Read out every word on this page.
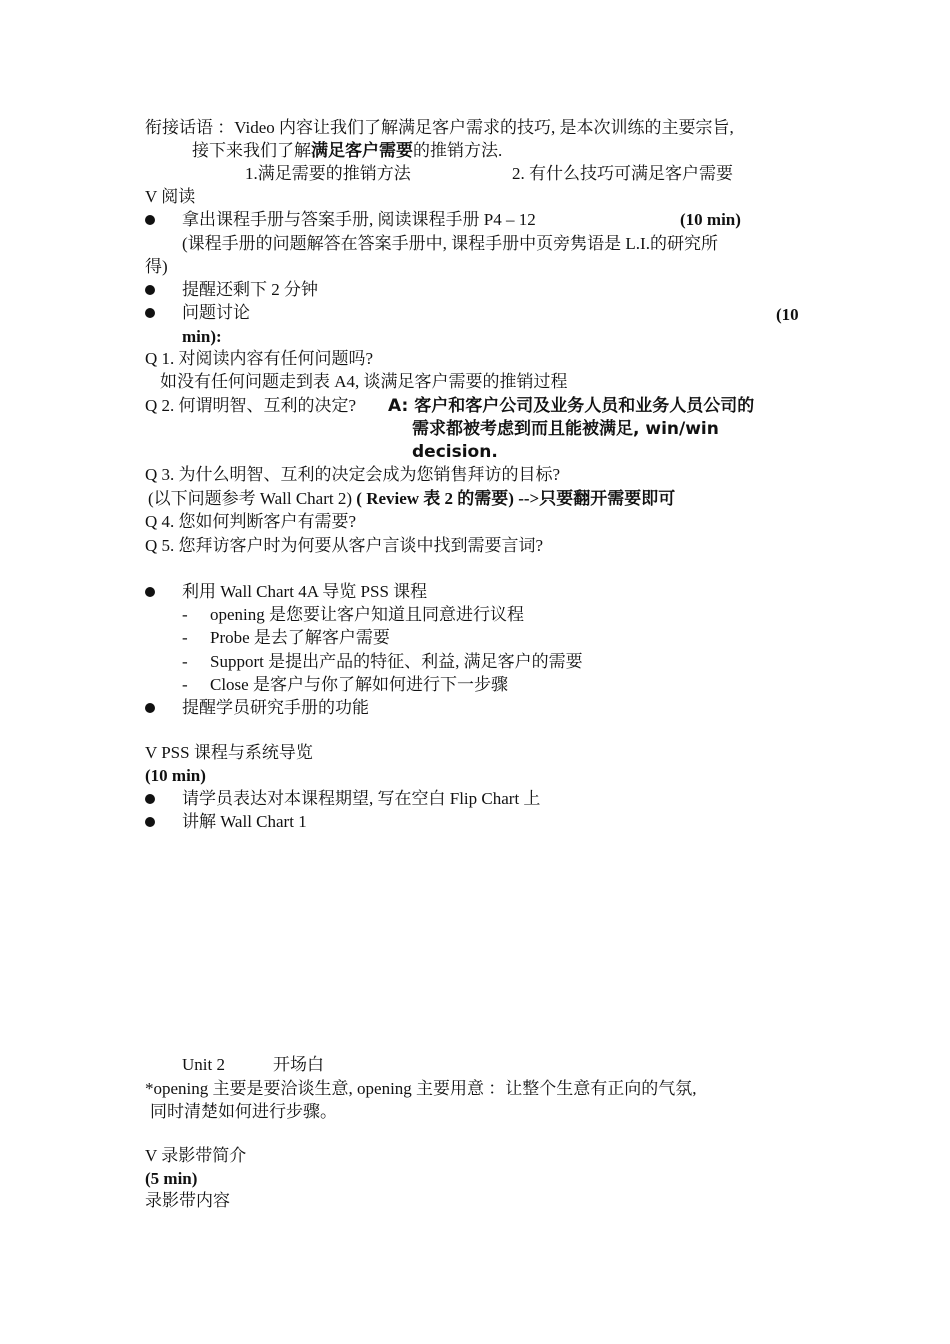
衔接话语 ：Video 内容让我们了解满足客户需求的技巧, 是本次训练的主要宗旨,
接下来我们了解满足客户需要的推销方法.
1.满足需要的推销方法	2. 有什么技巧可满足客户需要
V 阅读
拿出课程手册与答案手册, 阅读课程手册 P4 – 12	(10 min)
(课程手册的问题解答在答案手册中, 课程手册中页旁隽语是 L.I.的研究所
得)
提醒还剩下 2 分钟
问题讨论	(10
min):
Q 1. 对阅读内容有任何问题吗?
如没有任何问题走到表 A4, 谈满足客户需要的推销过程
Q 2. 何谓明智、互利的决定? A: 客户和客户公司及业务人员和业务人员公司的
需求都被考虑到而且能被满足, win/win
decision.
Q 3. 为什么明智、互利的决定会成为您销售拜访的目标?
(以下问题参考 Wall Chart 2) ( Review 表 2 的需要) -->只要翻开需要即可
Q 4. 您如何判断客户有需要?
Q 5. 您拜访客户时为何要从客户言谈中找到需要言词?
利用 Wall Chart 4A 导览 PSS 课程
- opening 是您要让客户知道且同意进行议程
- Probe 是去了解客户需要
- Support 是提出产品的特征、利益, 满足客户的需要
- Close 是客户与你了解如何进行下一步骤
提醒学员研究手册的功能
V PSS 课程与系统导览
(10 min)
请学员表达对本课程期望, 写在空白 Flip Chart 上
讲解 Wall Chart 1
Unit 2	开场白
*opening 主要是要洽谈生意, opening 主要用意 ：让整个生意有正向的气氛,
同时清楚如何进行步骤。
V 录影带简介
(5 min)
录影带内容
